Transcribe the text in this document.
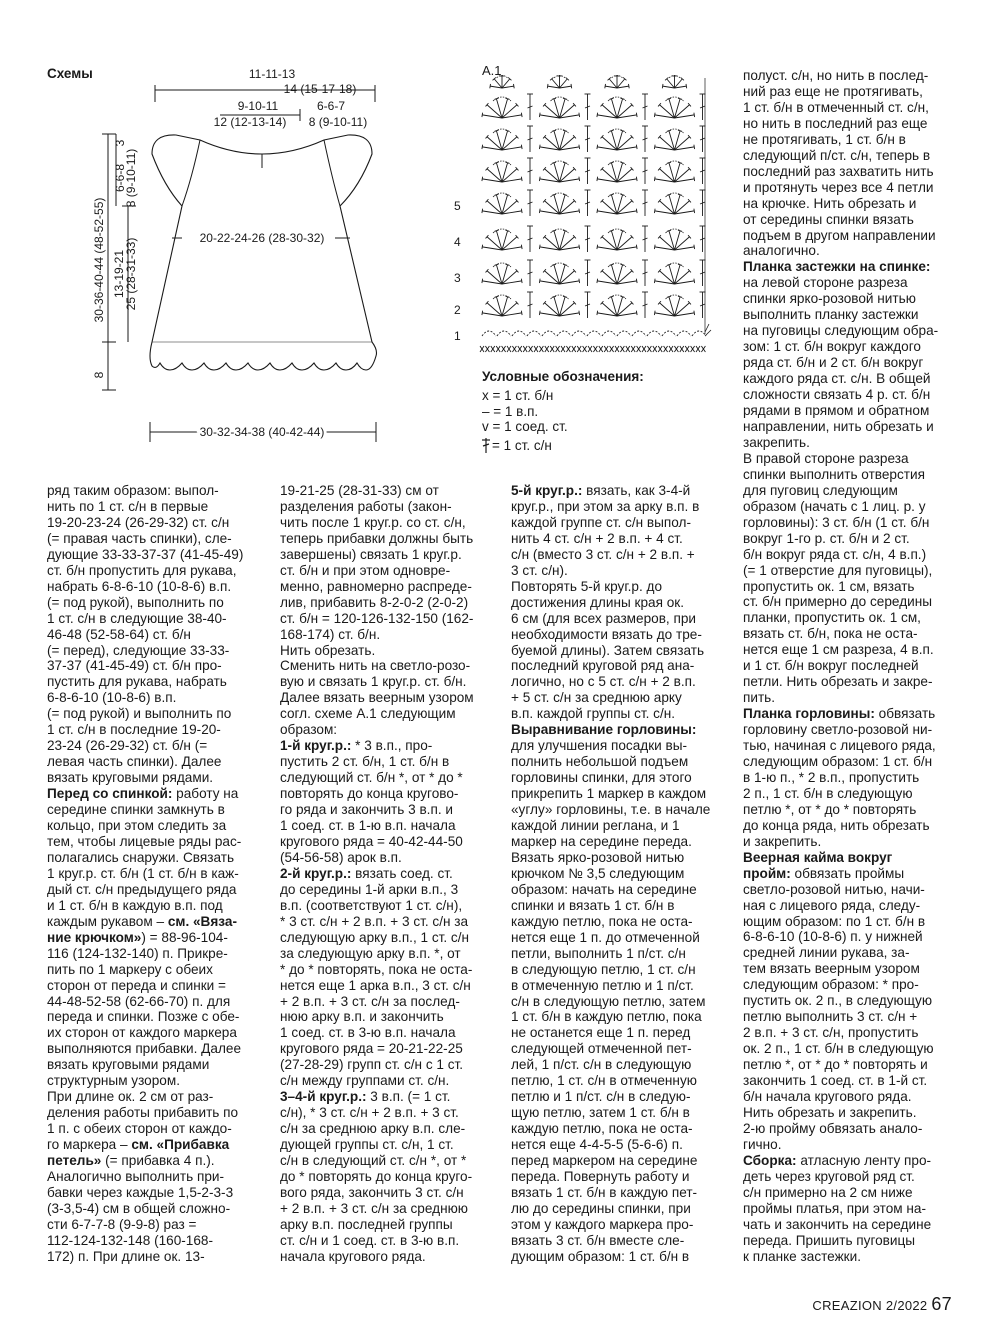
Схемы	11-11-13
14 (15-17-18)
9-10-11
12 (12-13-14)
6-6-7
8 (9-10-11)
20-22-24-26 (28-30-32)
30-32-34-38 (40-42-44)
30-36-40-44 (48-52-55)
8
13-19-21
25 (28-31-33)
6-6-8
8 (9-10-11)
3
A.1
5
4
3
2
1
Условные обозначения:
x = 1 ст. б/н
– = 1 в.п.
v = 1 соед. ст.
= 1 ст. с/н
ряд таким образом: выпол-
нить по 1 ст. с/н в первые
19-20-23-24 (26-29-32) ст. с/н
(= правая часть спинки), сле-
дующие 33-33-37-37 (41-45-49)
ст. б/н пропустить для рукава,
набрать 6-8-6-10 (10-8-6) в.п.
(= под рукой), выполнить по
1 ст. с/н в следующие 38-40-
46-48 (52-58-64) ст. б/н
(= перед), следующие 33-33-
37-37 (41-45-49) ст. б/н про-
пустить для рукава, набрать
6-8-6-10 (10-8-6) в.п.
(= под рукой) и выполнить по
1 ст. с/н в последние 19-20-
23-24 (26-29-32) ст. б/н (=
левая часть спинки). Далее
вязать круговыми рядами.
Перед со спинкой: работу на
середине спинки замкнуть в
кольцо, при этом следить за
тем, чтобы лицевые ряды рас-
полагались снаружи. Связать
1 круг.р. ст. б/н (1 ст. б/н в каж-
дый ст. с/н предыдущего ряда
и 1 ст. б/н в каждую в.п. под
каждым рукавом – см. «Вяза-
ние крючком») = 88-96-104-
116 (124-132-140) п. Прикре-
пить по 1 маркеру с обеих
сторон от переда и спинки =
44-48-52-58 (62-66-70) п. для
переда и спинки. Позже с обе-
их сторон от каждого маркера
выполняются прибавки. Далее
вязать круговыми рядами
структурным узором.
При длине ок. 2 см от раз-
деления работы прибавить по
1 п. с обеих сторон от каждо-
го маркера – см. «Прибавка
петель» (= прибавка 4 п.).
Аналогично выполнить при-
бавки через каждые 1,5-2-3-3
(3-3,5-4) см в общей сложно-
сти 6-7-7-8 (9-9-8) раз =
112-124-132-148 (160-168-
172) п. При длине ок. 13-
19-21-25 (28-31-33) см от
разделения работы (закон-
чить после 1 круг.р. со ст. с/н,
теперь прибавки должны быть
завершены) связать 1 круг.р.
ст. б/н и при этом одновре-
менно, равномерно распреде-
лив, прибавить 8-2-0-2 (2-0-2)
ст. б/н = 120-126-132-150 (162-
168-174) ст. б/н.
Нить обрезать.
Сменить нить на светло-розо-
вую и связать 1 круг.р. ст. б/н.
Далее вязать веерным узором
согл. схеме А.1 следующим
образом:
1-й круг.р.: * 3 в.п., про-
пустить 2 ст. б/н, 1 ст. б/н в
следующий ст. б/н *, от * до *
повторять до конца кругово-
го ряда и закончить 3 в.п. и
1 соед. ст. в 1-ю в.п. начала
кругового ряда = 40-42-44-50
(54-56-58) арок в.п.
2-й круг.р.: вязать соед. ст.
до середины 1-й арки в.п., 3
в.п. (соответствуют 1 ст. с/н),
* 3 ст. с/н + 2 в.п. + 3 ст. с/н за
следующую арку в.п., 1 ст. с/н
за следующую арку в.п. *, от
* до * повторять, пока не оста-
нется еще 1 арка в.п., 3 ст. с/н
+ 2 в.п. + 3 ст. с/н за послед-
нюю арку в.п. и закончить
1 соед. ст. в 3-ю в.п. начала
кругового ряда = 20-21-22-25
(27-28-29) групп ст. с/н с 1 ст.
с/н между группами ст. с/н.
3–4-й круг.р.: 3 в.п. (= 1 ст.
с/н), * 3 ст. с/н + 2 в.п. + 3 ст.
с/н за среднюю арку в.п. сле-
дующей группы ст. с/н, 1 ст.
с/н в следующий ст. с/н *, от *
до * повторять до конца круго-
вого ряда, закончить 3 ст. с/н
+ 2 в.п. + 3 ст. с/н за среднюю
арку в.п. последней группы
ст. с/н и 1 соед. ст. в 3-ю в.п.
начала кругового ряда.
5-й круг.р.: вязать, как 3-4-й
круг.р., при этом за арку в.п. в
каждой группе ст. с/н выпол-
нить 4 ст. с/н + 2 в.п. + 4 ст.
с/н (вместо 3 ст. с/н + 2 в.п. +
3 ст. с/н).
Повторять 5-й круг.р. до
достижения длины края ок.
6 см (для всех размеров, при
необходимости вязать до тре-
буемой длины). Затем связать
последний круговой ряд ана-
логично, но с 5 ст. с/н + 2 в.п.
+ 5 ст. с/н за среднюю арку
в.п. каждой группы ст. с/н.
Выравнивание горловины:
для улучшения посадки вы-
полнить небольшой подъем
горловины спинки, для этого
прикрепить 1 маркер в каждом
«углу» горловины, т.е. в начале
каждой линии реглана, и 1
маркер на середине переда.
Вязать ярко-розовой нитью
крючком № 3,5 следующим
образом: начать на середине
спинки и вязать 1 ст. б/н в
каждую петлю, пока не оста-
нется еще 1 п. до отмеченной
петли, выполнить 1 п/ст. с/н
в следующую петлю, 1 ст. с/н
в отмеченную петлю и 1 п/ст.
с/н в следующую петлю, затем
1 ст. б/н в каждую петлю, пока
не останется еще 1 п. перед
следующей отмеченной пет-
лей, 1 п/ст. с/н в следующую
петлю, 1 ст. с/н в отмеченную
петлю и 1 п/ст. с/н в следую-
щую петлю, затем 1 ст. б/н в
каждую петлю, пока не оста-
нется еще 4-4-5-5 (5-6-6) п.
перед маркером на середине
переда. Повернуть работу и
вязать 1 ст. б/н в каждую пет-
лю до середины спинки, при
этом у каждого маркера про-
вязать 3 ст. б/н вместе сле-
дующим образом: 1 ст. б/н в
полуст. с/н, но нить в послед-
ний раз еще не протягивать,
1 ст. б/н в отмеченный ст. с/н,
но нить в последний раз еще
не протягивать, 1 ст. б/н в
следующий п/ст. с/н, теперь в
последний раз захватить нить
и протянуть через все 4 петли
на крючке. Нить обрезать и
от середины спинки вязать
подъем в другом направлении
аналогично.
Планка застежки на спинке:
на левой стороне разреза
спинки ярко-розовой нитью
выполнить планку застежки
на пуговицы следующим обра-
зом: 1 ст. б/н вокруг каждого
ряда ст. б/н и 2 ст. б/н вокруг
каждого ряда ст. с/н. В общей
сложности связать 4 р. ст. б/н
рядами в прямом и обратном
направлении, нить обрезать и
закрепить.
В правой стороне разреза
спинки выполнить отверстия
для пуговиц следующим
образом (начать с 1 лиц. р. у
горловины): 3 ст. б/н (1 ст. б/н
вокруг 1-го р. ст. б/н и 2 ст.
б/н вокруг ряда ст. с/н, 4 в.п.)
(= 1 отверстие для пуговицы),
пропустить ок. 1 см, вязать
ст. б/н примерно до середины
планки, пропустить ок. 1 см,
вязать ст. б/н, пока не оста-
нется еще 1 см разреза, 4 в.п.
и 1 ст. б/н вокруг последней
петли. Нить обрезать и закре-
пить.
Планка горловины: обвязать
горловину светло-розовой ни-
тью, начиная с лицевого ряда,
следующим образом: 1 ст. б/н
в 1-ю п., * 2 в.п., пропустить
2 п., 1 ст. б/н в следующую
петлю *, от * до * повторять
до конца ряда, нить обрезать
и закрепить.
Веерная кайма вокруг
пройм: обвязать проймы
светло-розовой нитью, начи-
ная с лицевого ряда, следу-
ющим образом: по 1 ст. б/н в
6-8-6-10 (10-8-6) п. у нижней
средней линии рукава, за-
тем вязать веерным узором
следующим образом: * про-
пустить ок. 2 п., в следующую
петлю выполнить 3 ст. с/н +
2 в.п. + 3 ст. с/н, пропустить
ок. 2 п., 1 ст. б/н в следующую
петлю *, от * до * повторять и
закончить 1 соед. ст. в 1-й ст.
б/н начала кругового ряда.
Нить обрезать и закрепить.
2-ю пройму обвязать анало-
гично.
Сборка: атласную ленту про-
деть через круговой ряд ст.
с/н примерно на 2 см ниже
проймы платья, при этом на-
чать и закончить на середине
переда. Пришить пуговицы
к планке застежки.
CREAZION 2/2022 67
